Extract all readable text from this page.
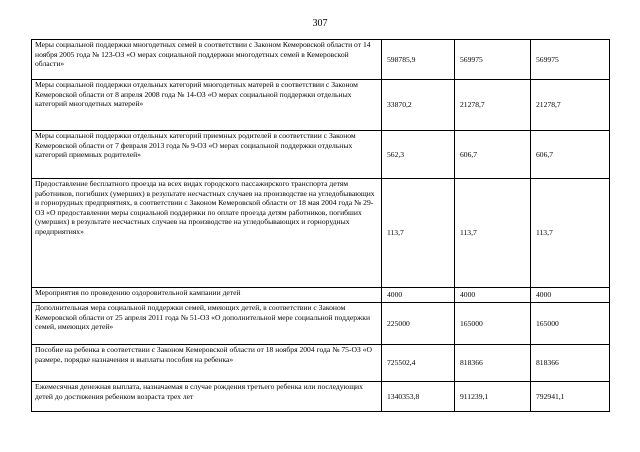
307
Меры социальной поддержки многодетных семей в соответствии с Законом Кемеровской области от 14 ноября 2005 года № 123-ОЗ «О мерах социальной поддержки многодетных семей в Кемеровской области»	598785,9	569975	569975
Меры социальной поддержки отдельных категорий многодетных матерей в соответствии с Законом Кемеровской области от 8 апреля 2008 года № 14-ОЗ «О мерах социальной поддержки отдельных категорий многодетных матерей»	33870,2	21278,7	21278,7
Меры социальной поддержки отдельных категорий приемных родителей в соответствии с Законом Кемеровской области от 7 февраля 2013 года № 9-ОЗ «О мерах социальной поддержки отдельных категорий приемных родителей»	562,3	606,7	606,7
Предоставление бесплатного проезда на всех видах городского пассажирского транспорта детям работников, погибших (умерших) в результате несчастных случаев на производстве на угледобывающих и горнорудных предприятиях, в соответствии с Законом Кемеровской области от 18 мая 2004 года № 29-ОЗ «О предоставлении меры социальной поддержки по оплате проезда детям работников, погибших (умерших) в результате несчастных случаев на производстве на угледобывающих и горнорудных предприятиях»	113,7	113,7	113,7
Мероприятия по проведению оздоровительной кампании детей	4000	4000	4000
Дополнительная мера социальной поддержки семей, имеющих детей, в соответствии с Законом Кемеровской области от 25 апреля 2011 года № 51-ОЗ «О дополнительной мере социальной поддержки семей, имеющих детей»	225000	165000	165000
Пособие на ребенка в соответствии с Законом Кемеровской области от 18 ноября 2004 года № 75-ОЗ «О размере, порядке назначения и выплаты пособия на ребенка»	725502,4	818366	818366
Ежемесячная денежная выплата, назначаемая в случае рождения третьего ребенка или последующих детей до достижения ребенком возраста трех лет	1340353,8	911239,1	792941,1
